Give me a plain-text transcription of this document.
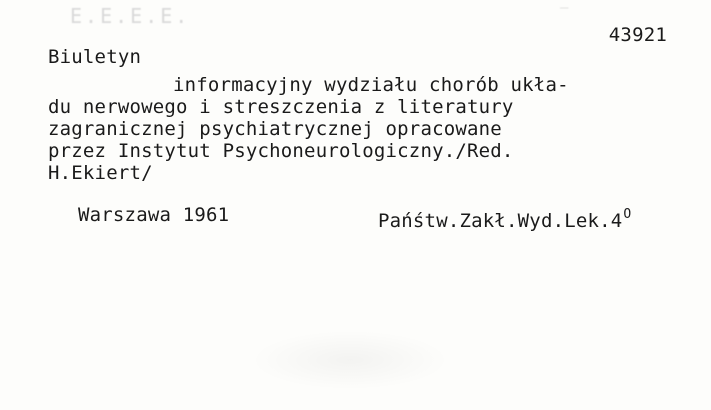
E.E.E.E.	—
43921
Biuletyn
informacyjny wydziału chorób ukła-
du nerwowego i streszczenia z literatury
zagranicznej psychiatrycznej opracowane
przez Instytut Psychoneurologiczny./Red.
H.Ekiert/
Warszawa 1961	$Pańśtw.Zakł.Wyd.Lek.4^O$
